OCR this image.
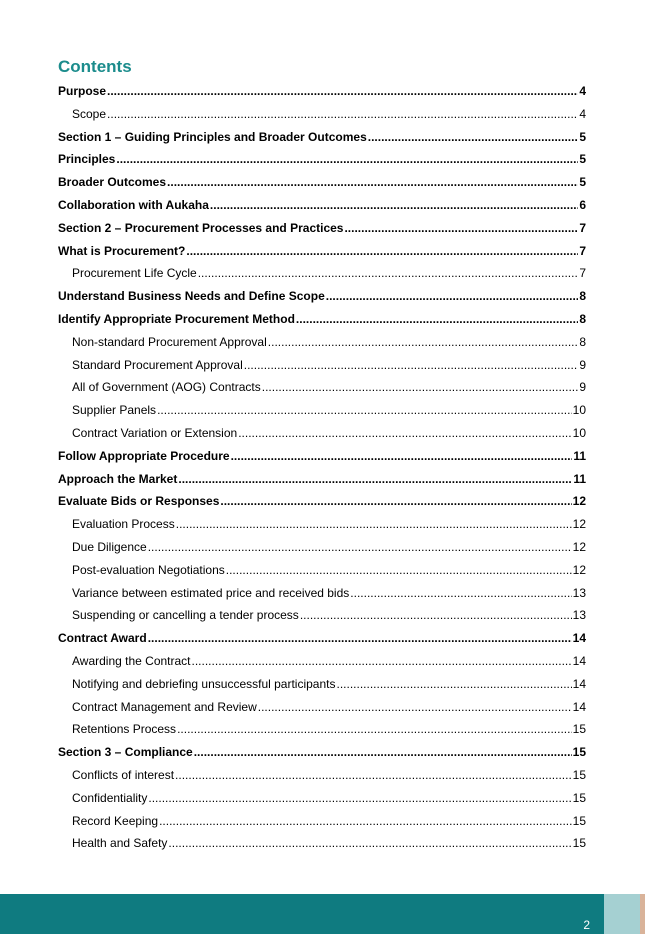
Contents
Purpose .....	4
Scope .....	4
Section 1 – Guiding Principles and Broader Outcomes .....	5
Principles .....	5
Broader Outcomes .....	5
Collaboration with Aukaha .....	6
Section 2 – Procurement Processes and Practices .....	7
What is Procurement? .....	7
Procurement Life Cycle .....	7
Understand Business Needs and Define Scope .....	8
Identify Appropriate Procurement Method .....	8
Non-standard Procurement Approval .....	8
Standard Procurement Approval .....	9
All of Government (AOG) Contracts .....	9
Supplier Panels .....	10
Contract Variation or Extension .....	10
Follow Appropriate Procedure .....	11
Approach the Market .....	11
Evaluate Bids or Responses .....	12
Evaluation Process .....	12
Due Diligence .....	12
Post-evaluation Negotiations .....	12
Variance between estimated price and received bids .....	13
Suspending or cancelling a tender process .....	13
Contract Award .....	14
Awarding the Contract .....	14
Notifying and debriefing unsuccessful participants .....	14
Contract Management and Review .....	14
Retentions Process .....	15
Section 3 – Compliance .....	15
Conflicts of interest .....	15
Confidentiality .....	15
Record Keeping .....	15
Health and Safety .....	15
2
